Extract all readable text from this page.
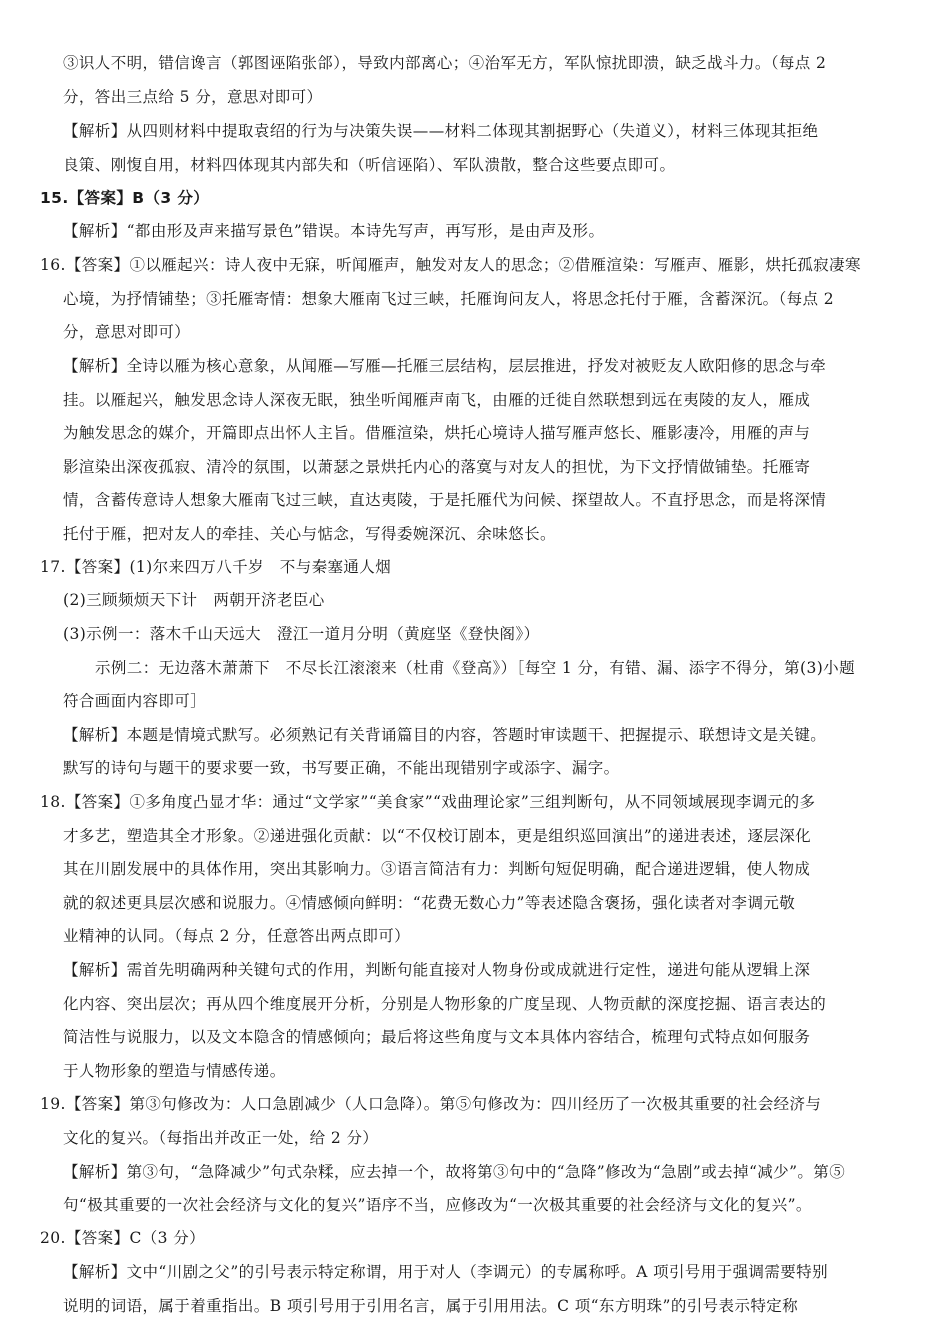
③识人不明，错信谗言（郭图诬陷张郃），导致内部离心；④治军无方，军队惊扰即溃，缺乏战斗力。（每点 2
分，答出三点给 5 分，意思对即可）
【解析】从四则材料中提取袁绍的行为与决策失误——材料二体现其割据野心（失道义），材料三体现其拒绝
良策、刚愎自用，材料四体现其内部失和（听信诬陷）、军队溃散，整合这些要点即可。
15.【答案】B（3 分）
【解析】“都由形及声来描写景色”错误。本诗先写声，再写形，是由声及形。
16.【答案】①以雁起兴：诗人夜中无寐，听闻雁声，触发对友人的思念；②借雁渲染：写雁声、雁影，烘托孤寂凄寒
心境，为抒情铺垫；③托雁寄情：想象大雁南飞过三峡，托雁询问友人，将思念托付于雁，含蓄深沉。（每点 2
分，意思对即可）
【解析】全诗以雁为核心意象，从闻雁—写雁—托雁三层结构，层层推进，抒发对被贬友人欧阳修的思念与牵
挂。以雁起兴，触发思念诗人深夜无眠，独坐听闻雁声南飞，由雁的迁徙自然联想到远在夷陵的友人，雁成
为触发思念的媒介，开篇即点出怀人主旨。借雁渲染，烘托心境诗人描写雁声悠长、雁影凄冷，用雁的声与
影渲染出深夜孤寂、清冷的氛围，以萧瑟之景烘托内心的落寞与对友人的担忧，为下文抒情做铺垫。托雁寄
情，含蓄传意诗人想象大雁南飞过三峡，直达夷陵，于是托雁代为问候、探望故人。不直抒思念，而是将深情
托付于雁，把对友人的牵挂、关心与惦念，写得委婉深沉、余味悠长。
17.【答案】(1)尔来四万八千岁　不与秦塞通人烟
(2)三顾频烦天下计　两朝开济老臣心
(3)示例一：落木千山天远大　澄江一道月分明（黄庭坚《登快阁》）
示例二：无边落木萧萧下　不尽长江滚滚来（杜甫《登高》）［每空 1 分，有错、漏、添字不得分，第(3)小题
符合画面内容即可］
【解析】本题是情境式默写。必须熟记有关背诵篇目的内容，答题时审读题干、把握提示、联想诗文是关键。
默写的诗句与题干的要求要一致，书写要正确，不能出现错别字或添字、漏字。
18.【答案】①多角度凸显才华：通过“文学家”“美食家”“戏曲理论家”三组判断句，从不同领域展现李调元的多
才多艺，塑造其全才形象。②递进强化贡献：以“不仅校订剧本，更是组织巡回演出”的递进表述，逐层深化
其在川剧发展中的具体作用，突出其影响力。③语言简洁有力：判断句短促明确，配合递进逻辑，使人物成
就的叙述更具层次感和说服力。④情感倾向鲜明：“花费无数心力”等表述隐含褒扬，强化读者对李调元敬
业精神的认同。（每点 2 分，任意答出两点即可）
【解析】需首先明确两种关键句式的作用，判断句能直接对人物身份或成就进行定性，递进句能从逻辑上深
化内容、突出层次；再从四个维度展开分析，分别是人物形象的广度呈现、人物贡献的深度挖掘、语言表达的
简洁性与说服力，以及文本隐含的情感倾向；最后将这些角度与文本具体内容结合，梳理句式特点如何服务
于人物形象的塑造与情感传递。
19.【答案】第③句修改为：人口急剧减少（人口急降）。第⑤句修改为：四川经历了一次极其重要的社会经济与
文化的复兴。（每指出并改正一处，给 2 分）
【解析】第③句，“急降减少”句式杂糅，应去掉一个，故将第③句中的“急降”修改为“急剧”或去掉“减少”。第⑤
句“极其重要的一次社会经济与文化的复兴”语序不当，应修改为“一次极其重要的社会经济与文化的复兴”。
20.【答案】C（3 分）
【解析】文中“川剧之父”的引号表示特定称谓，用于对人（李调元）的专属称呼。A 项引号用于强调需要特别
说明的词语，属于着重指出。B 项引号用于引用名言，属于引用用法。C 项“东方明珠”的引号表示特定称
